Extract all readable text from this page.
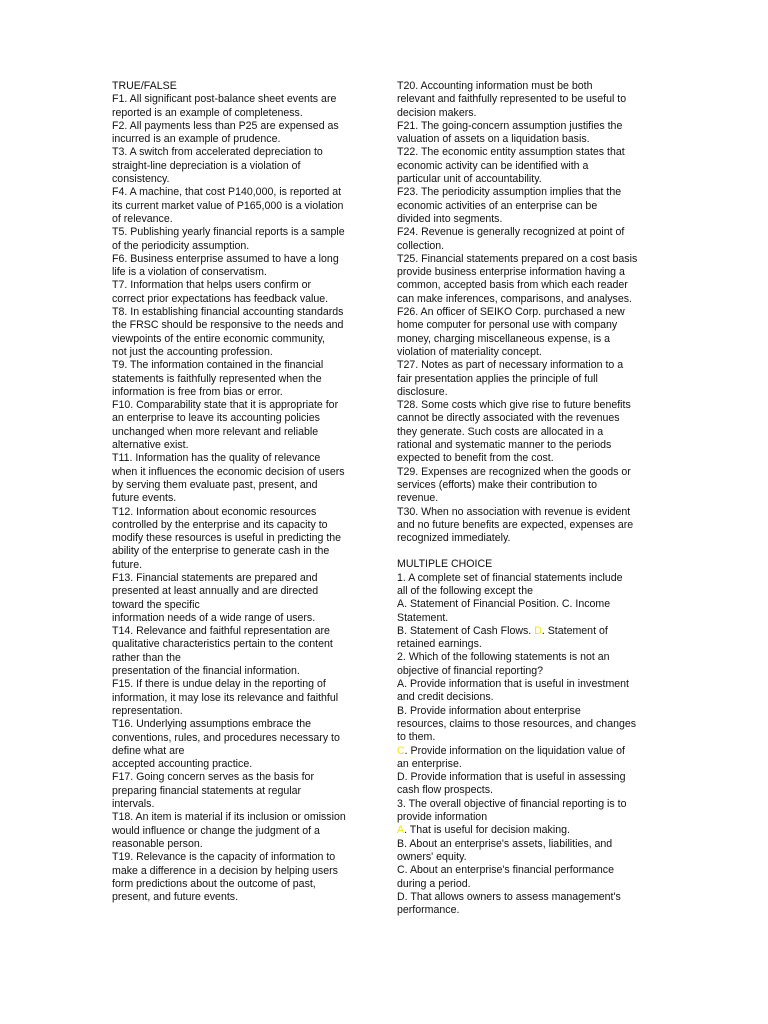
TRUE/FALSE
F1. All significant post-balance sheet events are
reported is an example of completeness.
F2. All payments less than P25 are expensed as
incurred is an example of prudence.
T3. A switch from accelerated depreciation to
straight-line depreciation is a violation of
consistency.
F4. A machine, that cost P140,000, is reported at
its current market value of P165,000 is a violation
of relevance.
T5. Publishing yearly financial reports is a sample
of the periodicity assumption.
F6. Business enterprise assumed to have a long
life is a violation of conservatism.
T7. Information that helps users confirm or
correct prior expectations has feedback value.
T8. In establishing financial accounting standards
the FRSC should be responsive to the needs and
viewpoints of the entire economic community,
not just the accounting profession.
T9. The information contained in the financial
statements is faithfully represented when the
information is free from bias or error.
F10. Comparability state that it is appropriate for
an enterprise to leave its accounting policies
unchanged when more relevant and reliable
alternative exist.
T11. Information has the quality of relevance
when it influences the economic decision of users
by serving them evaluate past, present, and
future events.
T12. Information about economic resources
controlled by the enterprise and its capacity to
modify these resources is useful in predicting the
ability of the enterprise to generate cash in the
future.
F13. Financial statements are prepared and
presented at least annually and are directed
toward the specific
information needs of a wide range of users.
T14. Relevance and faithful representation are
qualitative characteristics pertain to the content
rather than the
presentation of the financial information.
F15. If there is undue delay in the reporting of
information, it may lose its relevance and faithful
representation.
T16. Underlying assumptions embrace the
conventions, rules, and procedures necessary to
define what are
accepted accounting practice.
F17. Going concern serves as the basis for
preparing financial statements at regular
intervals.
T18. An item is material if its inclusion or omission
would influence or change the judgment of a
reasonable person.
T19. Relevance is the capacity of information to
make a difference in a decision by helping users
form predictions about the outcome of past,
present, and future events.
T20. Accounting information must be both
relevant and faithfully represented to be useful to
decision makers.
F21. The going-concern assumption justifies the
valuation of assets on a liquidation basis.
T22. The economic entity assumption states that
economic activity can be identified with a
particular unit of accountability.
F23. The periodicity assumption implies that the
economic activities of an enterprise can be
divided into segments.
F24. Revenue is generally recognized at point of
collection.
T25. Financial statements prepared on a cost basis
provide business enterprise information having a
common, accepted basis from which each reader
can make inferences, comparisons, and analyses.
F26. An officer of SEIKO Corp. purchased a new
home computer for personal use with company
money, charging miscellaneous expense, is a
violation of materiality concept.
T27. Notes as part of necessary information to a
fair presentation applies the principle of full
disclosure.
T28. Some costs which give rise to future benefits
cannot be directly associated with the revenues
they generate. Such costs are allocated in a
rational and systematic manner to the periods
expected to benefit from the cost.
T29. Expenses are recognized when the goods or
services (efforts) make their contribution to
revenue.
T30. When no association with revenue is evident
and no future benefits are expected, expenses are
recognized immediately.
MULTIPLE CHOICE
1. A complete set of financial statements include
all of the following except the
A. Statement of Financial Position. C. Income
Statement.
B. Statement of Cash Flows. D. Statement of
retained earnings.
2. Which of the following statements is not an
objective of financial reporting?
A. Provide information that is useful in investment
and credit decisions.
B. Provide information about enterprise
resources, claims to those resources, and changes
to them.
C. Provide information on the liquidation value of
an enterprise.
D. Provide information that is useful in assessing
cash flow prospects.
3. The overall objective of financial reporting is to
provide information
A. That is useful for decision making.
B. About an enterprise's assets, liabilities, and
owners' equity.
C. About an enterprise's financial performance
during a period.
D. That allows owners to assess management's
performance.
